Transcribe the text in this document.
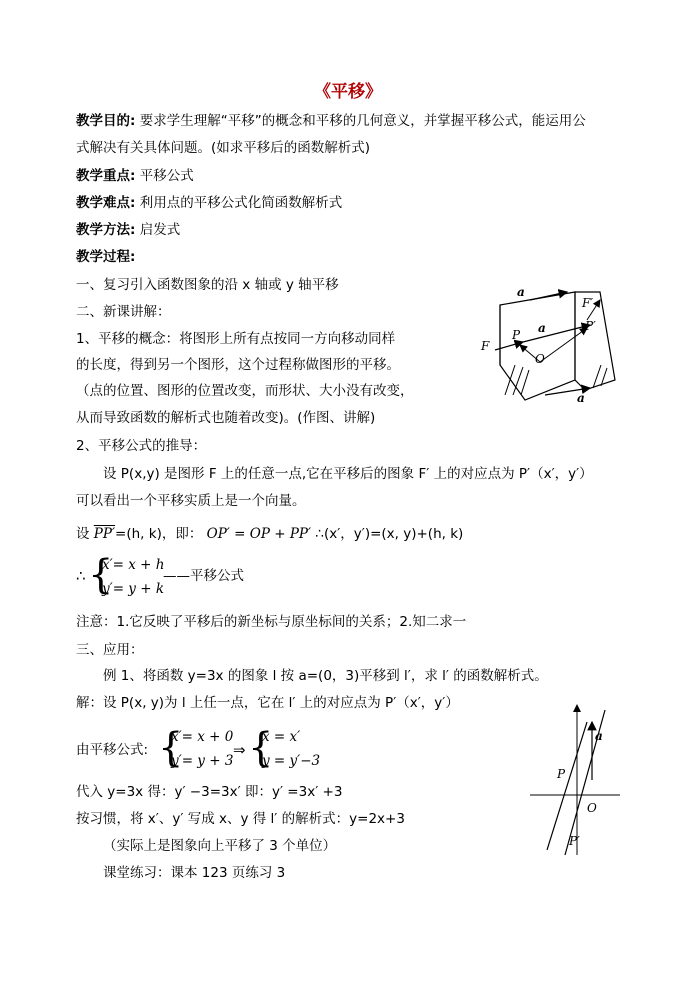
《平移》
教学目的: 要求学生理解“平移”的概念和平移的几何意义，并掌握平移公式，能运用公
式解决有关具体问题。(如求平移后的函数解析式)
教学重点: 平移公式
教学难点: 利用点的平移公式化简函数解析式
教学方法: 启发式
教学过程:
一、复习引入函数图象的沿 x 轴或 y 轴平移
二、新课讲解：
1、平移的概念：将图形上所有点按同一方向移动同样
的长度，得到另一个图形，这个过程称做图形的平移。
（点的位置、图形的位置改变，而形状、大小没有改变，
从而导致函数的解析式也随着改变)。(作图、讲解)
2、平移公式的推导：
设 P(x,y) 是图形 F 上的任意一点,它在平移后的图象 F′ 上的对应点为 P′（x′，y′）
可以看出一个平移实质上是一个向量。
设 PP′=(h, k)，即： OP′ = OP + PP′ ∴(x′，y′)=(x, y)+(h, k)
∴ {
x′= x + h
y′= y + k
——平移公式
注意：1.它反映了平移后的新坐标与原坐标间的关系；2.知二求一
三、应用：
例 1、将函数 y=3x 的图象 l 按 a=(0，3)平移到 l′，求 l′ 的函数解析式。
解：设 P(x, y)为 l 上任一点，它在 l′ 上的对应点为 P′（x′，y′）
由平移公式: {
x′= x + 0
y′= y + 3
⇒ {
x = x′
y = y′−3
代入 y=3x 得：y′ −3=3x′ 即：y′ =3x′ +3
按习惯，将 x′、y′ 写成 x、y 得 l′ 的解析式：y=2x+3
（实际上是图象向上平移了 3 个单位）
课堂练习：课本 123 页练习 3
a
a
a
F
F′
P
P′
O
a
P
P′
O
